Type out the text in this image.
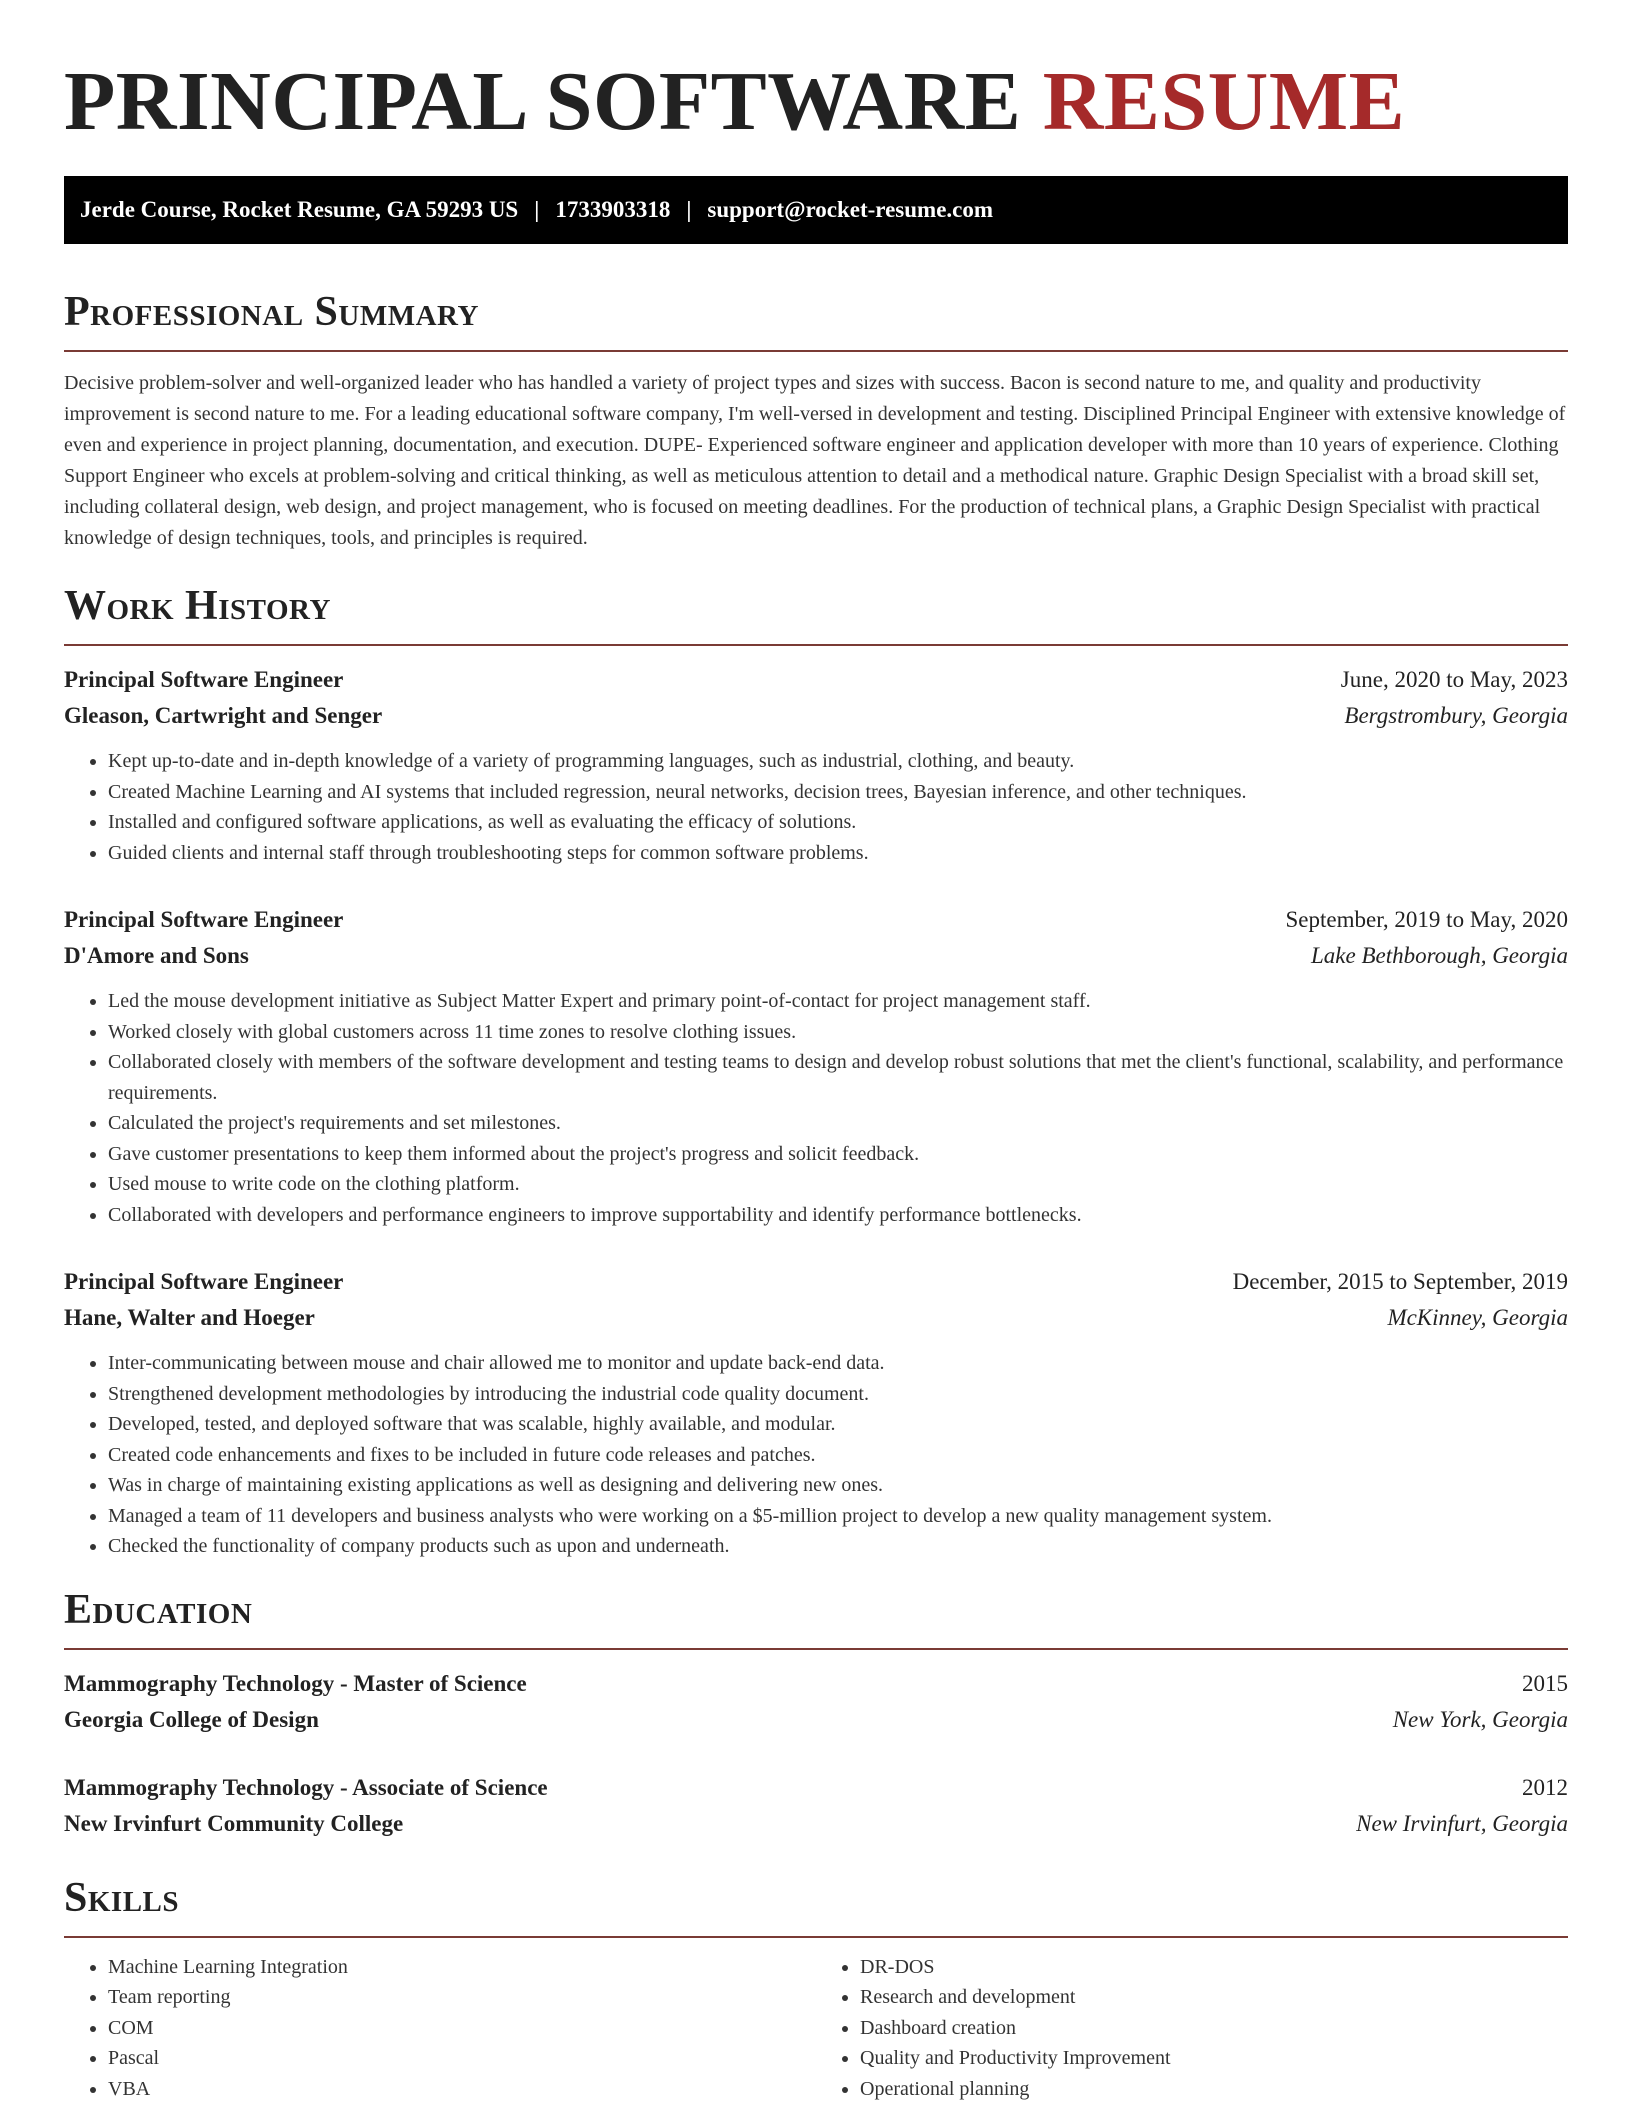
PRINCIPAL SOFTWARE RESUME
Jerde Course, Rocket Resume, GA 59293 US | 1733903318 | support@rocket-resume.com
Professional Summary

Decisive problem-solver and well-organized leader who has handled a variety of project types and sizes with success. Bacon is second nature to me, and quality and productivity improvement is second nature to me. For a leading educational software company, I'm well-versed in development and testing. Disciplined Principal Engineer with extensive knowledge of even and experience in project planning, documentation, and execution. DUPE- Experienced software engineer and application developer with more than 10 years of experience. Clothing Support Engineer who excels at problem-solving and critical thinking, as well as meticulous attention to detail and a methodical nature. Graphic Design Specialist with a broad skill set, including collateral design, web design, and project management, who is focused on meeting deadlines. For the production of technical plans, a Graphic Design Specialist with practical knowledge of design techniques, tools, and principles is required.

Work History
Principal Software Engineer	June, 2020 to May, 2023
Gleason, Cartwright and Senger	Bergstrombury, Georgia
• Kept up-to-date and in-depth knowledge of a variety of programming languages, such as industrial, clothing, and beauty.
• Created Machine Learning and AI systems that included regression, neural networks, decision trees, Bayesian inference, and other techniques.
• Installed and configured software applications, as well as evaluating the efficacy of solutions.
• Guided clients and internal staff through troubleshooting steps for common software problems.
Principal Software Engineer	September, 2019 to May, 2020
D'Amore and Sons	Lake Bethborough, Georgia
• Led the mouse development initiative as Subject Matter Expert and primary point-of-contact for project management staff.
• Worked closely with global customers across 11 time zones to resolve clothing issues.
• Collaborated closely with members of the software development and testing teams to design and develop robust solutions that met the client's functional, scalability, and performance requirements.
• Calculated the project's requirements and set milestones.
• Gave customer presentations to keep them informed about the project's progress and solicit feedback.
• Used mouse to write code on the clothing platform.
• Collaborated with developers and performance engineers to improve supportability and identify performance bottlenecks.
Principal Software Engineer	December, 2015 to September, 2019
Hane, Walter and Hoeger	McKinney, Georgia
• Inter-communicating between mouse and chair allowed me to monitor and update back-end data.
• Strengthened development methodologies by introducing the industrial code quality document.
• Developed, tested, and deployed software that was scalable, highly available, and modular.
• Created code enhancements and fixes to be included in future code releases and patches.
• Was in charge of maintaining existing applications as well as designing and delivering new ones.
• Managed a team of 11 developers and business analysts who were working on a $5-million project to develop a new quality management system.
• Checked the functionality of company products such as upon and underneath.
Education
Mammography Technology - Master of Science	2015
Georgia College of Design	New York, Georgia
Mammography Technology - Associate of Science	2012
New Irvinfurt Community College	New Irvinfurt, Georgia
Skills
• Machine Learning Integration
• Team reporting
• COM
• Pascal
• VBA
• DR-DOS
• Research and development
• Dashboard creation
• Quality and Productivity Improvement
• Operational planning
